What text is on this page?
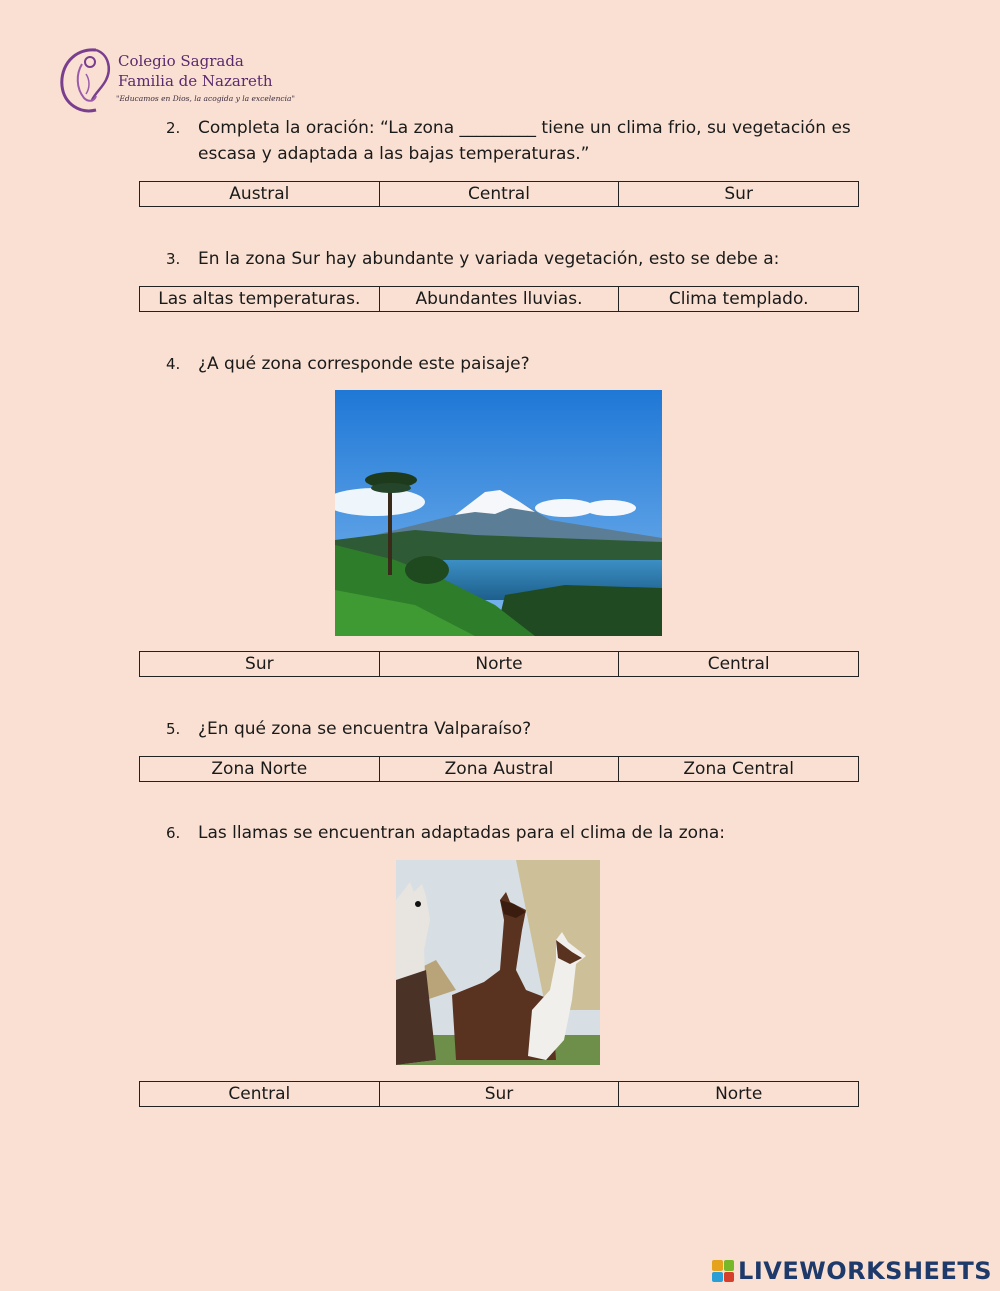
Colegio Sagrada
Familia de Nazareth
"Educamos en Dios, la acogida y la excelencia"
2.	Completa la oración: “La zona _________ tiene un clima frio, su vegetación es escasa y adaptada a las bajas temperaturas.”
Austral	Central	Sur
3.	En la zona Sur hay abundante y variada vegetación, esto se debe a:
Las altas temperaturas.	Abundantes lluvias.	Clima templado.
4.	¿A qué zona corresponde este paisaje?
Sur	Norte	Central
5.	¿En qué zona se encuentra Valparaíso?
Zona Norte	Zona Austral	Zona Central
6.	Las llamas se encuentran adaptadas para el clima de la zona:
Central	Sur	Norte
LIVEWORKSHEETS
